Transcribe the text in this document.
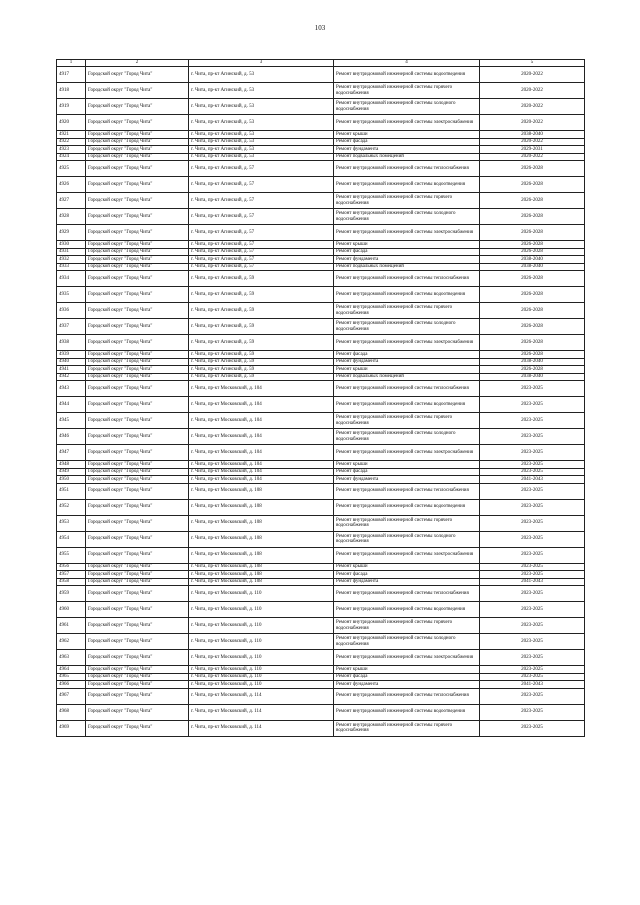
103
1	2	3	4	5
4917	Городской округ "Город Чита"	г. Чита, пр-кт Агинский, д. 53	Ремонт внутридомовой инженерной системы водоотведения	2020-2022
4918	Городской округ "Город Чита"	г. Чита, пр-кт Агинский, д. 53	Ремонт внутридомовой инженерной системы горячего водоснабжения	2020-2022
4919	Городской округ "Город Чита"	г. Чита, пр-кт Агинский, д. 53	Ремонт внутридомовой инженерной системы холодного водоснабжения	2020-2022
4920	Городской округ "Город Чита"	г. Чита, пр-кт Агинский, д. 53	Ремонт внутридомовой инженерной системы электроснабжения	2020-2022
4921	Городской округ "Город Чита"	г. Чита, пр-кт Агинский, д. 53	Ремонт крыши	2038-2040
4922	Городской округ "Город Чита"	г. Чита, пр-кт Агинский, д. 53	Ремонт фасада	2020-2022
4923	Городской округ "Город Чита"	г. Чита, пр-кт Агинский, д. 53	Ремонт фундамента	2029-2031
4924	Городской округ "Город Чита"	г. Чита, пр-кт Агинский, д. 53	Ремонт подвальных помещений	2020-2022
4925	Городской округ "Город Чита"	г. Чита, пр-кт Агинский, д. 57	Ремонт внутридомовой инженерной системы теплоснабжения	2026-2028
4926	Городской округ "Город Чита"	г. Чита, пр-кт Агинский, д. 57	Ремонт внутридомовой инженерной системы водоотведения	2026-2028
4927	Городской округ "Город Чита"	г. Чита, пр-кт Агинский, д. 57	Ремонт внутридомовой инженерной системы горячего водоснабжения	2026-2028
4928	Городской округ "Город Чита"	г. Чита, пр-кт Агинский, д. 57	Ремонт внутридомовой инженерной системы холодного водоснабжения	2026-2028
4929	Городской округ "Город Чита"	г. Чита, пр-кт Агинский, д. 57	Ремонт внутридомовой инженерной системы электроснабжения	2026-2028
4930	Городской округ "Город Чита"	г. Чита, пр-кт Агинский, д. 57	Ремонт крыши	2026-2028
4931	Городской округ "Город Чита"	г. Чита, пр-кт Агинский, д. 57	Ремонт фасада	2026-2028
4932	Городской округ "Город Чита"	г. Чита, пр-кт Агинский, д. 57	Ремонт фундамента	2038-2040
4933	Городской округ "Город Чита"	г. Чита, пр-кт Агинский, д. 57	Ремонт подвальных помещений	2038-2040
4934	Городской округ "Город Чита"	г. Чита, пр-кт Агинский, д. 59	Ремонт внутридомовой инженерной системы теплоснабжения	2026-2028
4935	Городской округ "Город Чита"	г. Чита, пр-кт Агинский, д. 59	Ремонт внутридомовой инженерной системы водоотведения	2026-2028
4936	Городской округ "Город Чита"	г. Чита, пр-кт Агинский, д. 59	Ремонт внутридомовой инженерной системы горячего водоснабжения	2026-2028
4937	Городской округ "Город Чита"	г. Чита, пр-кт Агинский, д. 59	Ремонт внутридомовой инженерной системы холодного водоснабжения	2026-2028
4938	Городской округ "Город Чита"	г. Чита, пр-кт Агинский, д. 59	Ремонт внутридомовой инженерной системы электроснабжения	2026-2028
4939	Городской округ "Город Чита"	г. Чита, пр-кт Агинский, д. 59	Ремонт фасада	2026-2028
4940	Городской округ "Город Чита"	г. Чита, пр-кт Агинский, д. 59	Ремонт фундамента	2038-2040
4941	Городской округ "Город Чита"	г. Чита, пр-кт Агинский, д. 59	Ремонт крыши	2026-2028
4942	Городской округ "Город Чита"	г. Чита, пр-кт Агинский, д. 59	Ремонт подвальных помещений	2038-2040
4943	Городской округ "Город Чита"	г. Чита, пр-кт Московский, д. 104	Ремонт внутридомовой инженерной системы теплоснабжения	2023-2025
4944	Городской округ "Город Чита"	г. Чита, пр-кт Московский, д. 104	Ремонт внутридомовой инженерной системы водоотведения	2023-2025
4945	Городской округ "Город Чита"	г. Чита, пр-кт Московский, д. 104	Ремонт внутридомовой инженерной системы горячего водоснабжения	2023-2025
4946	Городской округ "Город Чита"	г. Чита, пр-кт Московский, д. 104	Ремонт внутридомовой инженерной системы холодного водоснабжения	2023-2025
4947	Городской округ "Город Чита"	г. Чита, пр-кт Московский, д. 104	Ремонт внутридомовой инженерной системы электроснабжения	2023-2025
4948	Городской округ "Город Чита"	г. Чита, пр-кт Московский, д. 104	Ремонт крыши	2023-2025
4949	Городской округ "Город Чита"	г. Чита, пр-кт Московский, д. 104	Ремонт фасада	2023-2025
4950	Городской округ "Город Чита"	г. Чита, пр-кт Московский, д. 104	Ремонт фундамента	2041-2043
4951	Городской округ "Город Чита"	г. Чита, пр-кт Московский, д. 108	Ремонт внутридомовой инженерной системы теплоснабжения	2023-2025
4952	Городской округ "Город Чита"	г. Чита, пр-кт Московский, д. 108	Ремонт внутридомовой инженерной системы водоотведения	2023-2025
4953	Городской округ "Город Чита"	г. Чита, пр-кт Московский, д. 108	Ремонт внутридомовой инженерной системы горячего водоснабжения	2023-2025
4954	Городской округ "Город Чита"	г. Чита, пр-кт Московский, д. 108	Ремонт внутридомовой инженерной системы холодного водоснабжения	2023-2025
4955	Городской округ "Город Чита"	г. Чита, пр-кт Московский, д. 108	Ремонт внутридомовой инженерной системы электроснабжения	2023-2025
4956	Городской округ "Город Чита"	г. Чита, пр-кт Московский, д. 108	Ремонт крыши	2023-2025
4957	Городской округ "Город Чита"	г. Чита, пр-кт Московский, д. 108	Ремонт фасада	2023-2025
4958	Городской округ "Город Чита"	г. Чита, пр-кт Московский, д. 108	Ремонт фундамента	2041-2043
4959	Городской округ "Город Чита"	г. Чита, пр-кт Московский, д. 110	Ремонт внутридомовой инженерной системы теплоснабжения	2023-2025
4960	Городской округ "Город Чита"	г. Чита, пр-кт Московский, д. 110	Ремонт внутридомовой инженерной системы водоотведения	2023-2025
4961	Городской округ "Город Чита"	г. Чита, пр-кт Московский, д. 110	Ремонт внутридомовой инженерной системы горячего водоснабжения	2023-2025
4962	Городской округ "Город Чита"	г. Чита, пр-кт Московский, д. 110	Ремонт внутридомовой инженерной системы холодного водоснабжения	2023-2025
4963	Городской округ "Город Чита"	г. Чита, пр-кт Московский, д. 110	Ремонт внутридомовой инженерной системы электроснабжения	2023-2025
4964	Городской округ "Город Чита"	г. Чита, пр-кт Московский, д. 110	Ремонт крыши	2023-2025
4965	Городской округ "Город Чита"	г. Чита, пр-кт Московский, д. 110	Ремонт фасада	2023-2025
4966	Городской округ "Город Чита"	г. Чита, пр-кт Московский, д. 110	Ремонт фундамента	2041-2043
4967	Городской округ "Город Чита"	г. Чита, пр-кт Московский, д. 114	Ремонт внутридомовой инженерной системы теплоснабжения	2023-2025
4968	Городской округ "Город Чита"	г. Чита, пр-кт Московский, д. 114	Ремонт внутридомовой инженерной системы водоотведения	2023-2025
4969	Городской округ "Город Чита"	г. Чита, пр-кт Московский, д. 114	Ремонт внутридомовой инженерной системы горячего водоснабжения	2023-2025
